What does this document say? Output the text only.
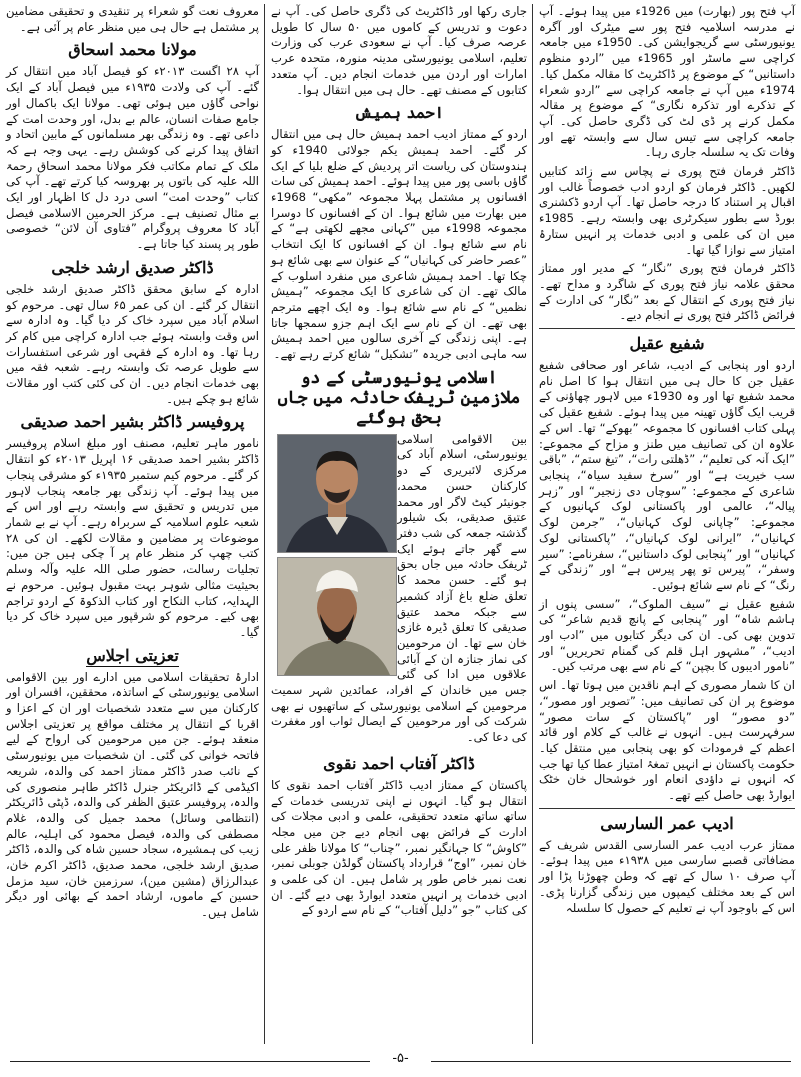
آپ فتح پور (بھارت) میں 1926ء میں پیدا ہوئے۔ آپ نے مدرسہ اسلامیہ فتح پور سے میٹرک اور آگرہ یونیورسٹی سے گریجوایشن کی۔ 1950ء میں جامعہ کراچی سے ماسٹر اور 1965ء میں ”اردو منظوم داستانیں“ کے موضوع پر ڈاکٹریٹ کا مقالہ مکمل کیا۔ 1974ء میں آپ نے جامعہ کراچی سے ”اردو شعراء کے تذکرے اور تذکرہ نگاری“ کے موضوع پر مقالہ مکمل کرنے پر ڈی لٹ کی ڈگری حاصل کی۔ آپ جامعہ کراچی سے تیس سال سے وابستہ تھے اور وفات تک یہ سلسلہ جاری رہا۔

ڈاکٹر فرمان فتح پوری نے پچاس سے زائد کتابیں لکھیں۔ ڈاکٹر فرمان کو اردو ادب خصوصاً غالب اور اقبال پر استناد کا درجہ حاصل تھا۔ آپ اردو ڈکشنری بورڈ سے بطور سیکرٹری بھی وابستہ رہے۔ 1985ء میں ان کی علمی و ادبی خدمات پر انہیں ستارۂ امتیاز سے نوازا گیا تھا۔

ڈاکٹر فرمان فتح پوری ”نگار“ کے مدیر اور ممتاز محقق علامہ نیاز فتح پوری کے شاگرد و مداح تھے۔ نیاز فتح پوری کے انتقال کے بعد ”نگار“ کی ادارت کے فرائض ڈاکٹر فتح پوری نے انجام دیے۔

شفیع عقیل

اردو اور پنجابی کے ادیب، شاعر اور صحافی شفیع عقیل جن کا حال ہی میں انتقال ہوا کا اصل نام محمد شفیع تھا اور وہ 1930ء میں لاہور چھاؤنی کے قریب ایک گاؤں تھینہ میں پیدا ہوئے۔ شفیع عقیل کی پہلی کتاب افسانوں کا مجموعہ ”بھوکے“ تھا۔ اس کے علاوہ ان کی تصانیف میں طنز و مزاح کے مجموعے: ”ایک آنہ کی تعلیم“، ”ڈھلتی رات“، ”تیغ ستم“، ”باقی سب خیریت ہے“ اور ”سرخ سفید سیاہ“، پنجابی شاعری کے مجموعے: ”سوچاں دی زنجیر“ اور ”زہر پیالہ“، عالمی اور پاکستانی لوک کہانیوں کے مجموعے: ”چاپانی لوک کہانیاں“، ”جرمن لوک کہانیاں“، ”ایرانی لوک کہانیاں“، ”پاکستانی لوک کہانیاں“ اور ”پنجابی لوک داستانیں“، سفرنامے: ”سیر وسفر“، ”پیرس تو پھر پیرس ہے“ اور ”زندگی کے رنگ“ کے نام سے شائع ہوئیں۔

شفیع عقیل نے ”سیف الملوک“، ”سسی پنوں از ہاشم شاہ“ اور ”پنجابی کے پانچ قدیم شاعر“ کی تدوین بھی کی۔ ان کی دیگر کتابوں میں ”ادب اور ادیب“، ”مشہور اہل قلم کی گمنام تحریریں“ اور ”نامور ادیبوں کا بچپن“ کے نام سے بھی مرتب کیں۔

ان کا شمار مصوری کے اہم ناقدین میں ہوتا تھا۔ اس موضوع پر ان کی تصانیف میں: ”تصویر اور مصور“، ”دو مصور“ اور ”پاکستان کے سات مصور“ سرفہرست ہیں۔ انہوں نے غالب کے کلام اور قائد اعظم کے فرمودات کو بھی پنجابی میں منتقل کیا۔ حکومت پاکستان نے انہیں تمغۂ امتیاز عطا کیا تھا جب کہ انہوں نے داؤدی انعام اور خوشحال خان خٹک ایوارڈ بھی حاصل کیے تھے۔

ادیب عمر السارسی

ممتاز عرب ادیب عمر السارسی القدس شریف کے مضافاتی قصبے سارسی میں ۱۹۳۸ء میں پیدا ہوئے۔ آپ صرف ۱۰ سال کے تھے کہ وطن چھوڑنا پڑا اور اس کے بعد مختلف کیمپوں میں زندگی گزارنا پڑی۔ اس کے باوجود آپ نے تعلیم کے حصول کا سلسلہ

جاری رکھا اور ڈاکٹریٹ کی ڈگری حاصل کی۔ آپ نے دعوت و تدریس کے کاموں میں ۵۰ سال کا طویل عرصہ صرف کیا۔ آپ نے سعودی عرب کی وزارت تعلیم، اسلامی یونیورسٹی مدینہ منورہ، متحدہ عرب امارات اور اردن میں خدمات انجام دیں۔ آپ متعدد کتابوں کے مصنف تھے۔ حال ہی میں انتقال ہوا۔

احمد ہمیش

اردو کے ممتاز ادیب احمد ہمیش حال ہی میں انتقال کر گئے۔ احمد ہمیش یکم جولائی 1940ء کو ہندوستان کی ریاست اتر پردیش کے ضلع بلیا کے ایک گاؤں باسی پور میں پیدا ہوئے۔ احمد ہمیش کی سات افسانوں پر مشتمل پہلا مجموعہ ”مکھی“ 1968ء میں بھارت میں شائع ہوا۔ ان کے افسانوں کا دوسرا مجموعہ 1998ء میں ”کہانی مجھے لکھتی ہے“ کے نام سے شائع ہوا۔ ان کے افسانوں کا ایک انتخاب ”عصر حاضر کی کہانیاں“ کے عنوان سے بھی شائع ہو چکا تھا۔ احمد ہمیش شاعری میں منفرد اسلوب کے مالک تھے۔ ان کی شاعری کا ایک مجموعہ ”ہمیش نظمیں“ کے نام سے شائع ہوا۔ وہ ایک اچھے مترجم بھی تھے۔ ان کے نام سے ایک اہم جزو سمجھا جاتا ہے۔ اپنی زندگی کے آخری سالوں میں احمد ہمیش سہ ماہی ادبی جریدہ ”تشکیل“ شائع کرتے رہے تھے۔

اسلامی یونیورسٹی کے دو ملازمین ٹریفک حادثہ میں جاں بحق ہوگئے

بین الاقوامی اسلامی یونیورسٹی، اسلام آباد کی مرکزی لائبریری کے دو کارکنان حسن محمد، جونیئر کیٹ لاگر اور محمد عتیق صدیقی، بک شیلور گذشتہ جمعہ کی شب دفتر سے گھر جاتے ہوئے ایک ٹریفک حادثہ میں جاں بحق ہو گئے۔ حسن محمد کا تعلق ضلع باغ آزاد کشمیر سے جبکہ محمد عتیق صدیقی کا تعلق ڈیرہ غازی خان سے تھا۔ ان مرحومین کی نماز جنازہ ان کے آبائی علاقوں میں ادا کی گئی جس میں خاندان کے افراد، عمائدین شہر سمیت مرحومین کے اسلامی یونیورسٹی کے ساتھیوں نے بھی شرکت کی اور مرحومین کے ایصال ثواب اور مغفرت کی دعا کی۔

ڈاکٹر آفتاب احمد نقوی

پاکستان کے ممتاز ادیب ڈاکٹر آفتاب احمد نقوی کا انتقال ہو گیا۔ انہوں نے اپنی تدریسی خدمات کے ساتھ ساتھ متعدد تحقیقی، علمی و ادبی مجلات کی ادارت کے فرائض بھی انجام دیے جن میں مجلہ ”کاوش“ کا جہانگیر نمبر، ”چناب“ کا مولانا ظفر علی خان نمبر، ”اوج“ قرارداد پاکستان گولڈن جوبلی نمبر، نعت نمبر خاص طور پر شامل ہیں۔ ان کی علمی و ادبی خدمات پر انہیں متعدد ایوارڈ بھی دیے گئے۔ ان کی کتاب ”جو ”دلیل آفتاب“ کے نام سے اردو کے

معروف نعت گو شعراء پر تنقیدی و تحقیقی مضامین پر مشتمل ہے حال ہی میں منظر عام پر آئی ہے۔

مولانا محمد اسحاق

آپ ۲۸ اگست ۲۰۱۳ء کو فیصل آباد میں انتقال کر گئے۔ آپ کی ولادت ۱۹۳۵ء میں فیصل آباد کے ایک نواحی گاؤں میں ہوئی تھی۔ مولانا ایک باکمال اور جامع صفات انسان، عالم بے بدل، اور وحدت امت کے داعی تھے۔ وہ زندگی بھر مسلمانوں کے مابین اتحاد و اتفاق پیدا کرنے کی کوشش رہے۔ یہی وجہ ہے کہ ملک کے تمام مکاتب فکر مولانا محمد اسحاق رحمۃ اللہ علیہ کی باتوں پر بھروسہ کیا کرتے تھے۔ آپ کی کتاب ”وحدت امت“ اسی درد دل کا اظہار اور ایک بے مثال تصنیف ہے۔ مرکز الحرمین الاسلامی فیصل آباد کا معروف پروگرام ”فتاوی آن لائن“ خصوصی طور پر پسند کیا جاتا ہے۔

ڈاکٹر صدیق ارشد خلجی

ادارہ کے سابق محقق ڈاکٹر صدیق ارشد خلجی انتقال کر گئے۔ ان کی عمر ۶۵ سال تھی۔ مرحوم کو اسلام آباد میں سپرد خاک کر دیا گیا۔ وہ ادارہ سے اس وقت وابستہ ہوئے جب ادارہ کراچی میں کام کر رہا تھا۔ وہ ادارہ کے فقہی اور شرعی استفسارات سے طویل عرصہ تک وابستہ رہے۔ شعبہ فقہ میں بھی خدمات انجام دیں۔ ان کی کئی کتب اور مقالات شائع ہو چکے ہیں۔

پروفیسر ڈاکٹر بشیر احمد صدیقی

نامور ماہر تعلیم، مصنف اور مبلغ اسلام پروفیسر ڈاکٹر بشیر احمد صدیقی ۱۶ اپریل ۲۰۱۳ء کو انتقال کر گئے۔ مرحوم کیم ستمبر ۱۹۳۵ء کو مشرقی پنجاب میں پیدا ہوئے۔ آپ زندگی بھر جامعہ پنجاب لاہور میں تدریس و تحقیق سے وابستہ رہے اور اس کے شعبہ علوم اسلامیہ کے سربراہ رہے۔ آپ نے بے شمار موضوعات پر مضامین و مقالات لکھے۔ ان کی ۲۸ کتب چھپ کر منظر عام پر آ چکی ہیں جن میں: تجلیات رسالت، حضور صلی اللہ علیہ وآلہ وسلم بحیثیت مثالی شوہر بہت مقبول ہوئیں۔ مرحوم نے الہدایہ، کتاب النکاح اور کتاب الذکوۃ کے اردو تراجم بھی کیے۔ مرحوم کو شرقپور میں سپرد خاک کر دیا گیا۔

تعزیتی اجلاس

ادارۂ تحقیقات اسلامی میں ادارے اور بین الاقوامی اسلامی یونیورسٹی کے اساتذہ، محققین، افسران اور کارکنان میں سے متعدد شخصیات اور ان کے اعزا و اقربا کے انتقال پر مختلف مواقع پر تعزیتی اجلاس منعقد ہوئے۔ جن میں مرحومین کی ارواح کے لیے فاتحہ خوانی کی گئی۔ ان شخصیات میں یونیورسٹی کے نائب صدر ڈاکٹر ممتاز احمد کی والدہ، شریعہ اکیڈمی کے ڈائریکٹر جنرل ڈاکٹر طاہر منصوری کی والدہ، پروفیسر عتیق الظفر کی والدہ، ڈپٹی ڈائریکٹر (انتظامی وسائل) محمد جمیل کی والدہ، غلام مصطفی کی والدہ، فیصل محمود کی اہلیہ، عالم زیب کی ہمشیرہ، سجاد حسین شاہ کی والدہ، ڈاکٹر صدیق ارشد خلجی، محمد صدیق، ڈاکٹر اکرم خان، عبدالرزاق (مشین مین)، سرزمین خان، سید مزمل حسین کے ماموں، ارشاد احمد کے بھائی اور دیگر شامل ہیں۔

-۵-
